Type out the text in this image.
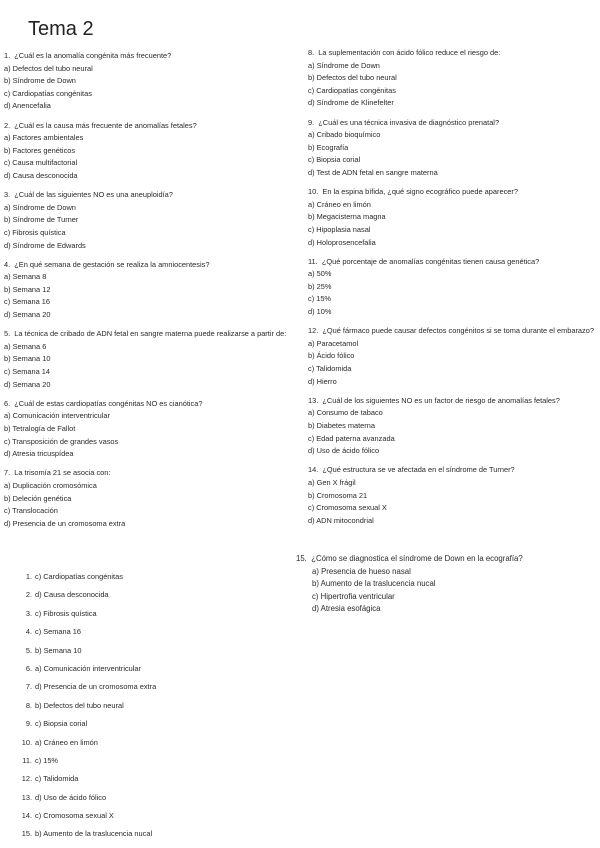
Tema 2
1. ¿Cuál es la anomalía congénita más frecuente?
a) Defectos del tubo neural
b) Síndrome de Down
c) Cardiopatías congénitas
d) Anencefalia
2. ¿Cuál es la causa más frecuente de anomalías fetales?
a) Factores ambientales
b) Factores genéticos
c) Causa multifactorial
d) Causa desconocida
3. ¿Cuál de las siguientes NO es una aneuploidía?
a) Síndrome de Down
b) Síndrome de Turner
c) Fibrosis quística
d) Síndrome de Edwards
4. ¿En qué semana de gestación se realiza la amniocentesis?
a) Semana 8
b) Semana 12
c) Semana 16
d) Semana 20
5. La técnica de cribado de ADN fetal en sangre materna puede realizarse a partir de:
a) Semana 6
b) Semana 10
c) Semana 14
d) Semana 20
6. ¿Cuál de estas cardiopatías congénitas NO es cianótica?
a) Comunicación interventricular
b) Tetralogía de Fallot
c) Transposición de grandes vasos
d) Atresia tricuspídea
7. La trisomía 21 se asocia con:
a) Duplicación cromosómica
b) Deleción genética
c) Translocación
d) Presencia de un cromosoma extra
8. La suplementación con ácido fólico reduce el riesgo de:
a) Síndrome de Down
b) Defectos del tubo neural
c) Cardiopatías congénitas
d) Síndrome de Klinefelter
9. ¿Cuál es una técnica invasiva de diagnóstico prenatal?
a) Cribado bioquímico
b) Ecografía
c) Biopsia corial
d) Test de ADN fetal en sangre materna
10. En la espina bífida, ¿qué signo ecográfico puede aparecer?
a) Cráneo en limón
b) Megacisterna magna
c) Hipoplasia nasal
d) Holoprosencefalia
11. ¿Qué porcentaje de anomalías congénitas tienen causa genética?
a) 50%
b) 25%
c) 15%
d) 10%
12. ¿Qué fármaco puede causar defectos congénitos si se toma durante el embarazo?
a) Paracetamol
b) Ácido fólico
c) Talidomida
d) Hierro
13. ¿Cuál de los siguientes NO es un factor de riesgo de anomalías fetales?
a) Consumo de tabaco
b) Diabetes materna
c) Edad paterna avanzada
d) Uso de ácido fólico
14. ¿Qué estructura se ve afectada en el síndrome de Turner?
a) Gen X frágil
b) Cromosoma 21
c) Cromosoma sexual X
d) ADN mitocondrial
15. ¿Cómo se diagnostica el síndrome de Down en la ecografía?
a) Presencia de hueso nasal
b) Aumento de la traslucencia nucal
c) Hipertrofia ventricular
d) Atresia esofágica
1. c) Cardiopatías congénitas
2. d) Causa desconocida
3. c) Fibrosis quística
4. c) Semana 16
5. b) Semana 10
6. a) Comunicación interventricular
7. d) Presencia de un cromosoma extra
8. b) Defectos del tubo neural
9. c) Biopsia corial
10. a) Cráneo en limón
11. c) 15%
12. c) Talidomida
13. d) Uso de ácido fólico
14. c) Cromosoma sexual X
15. b) Aumento de la traslucencia nucal
